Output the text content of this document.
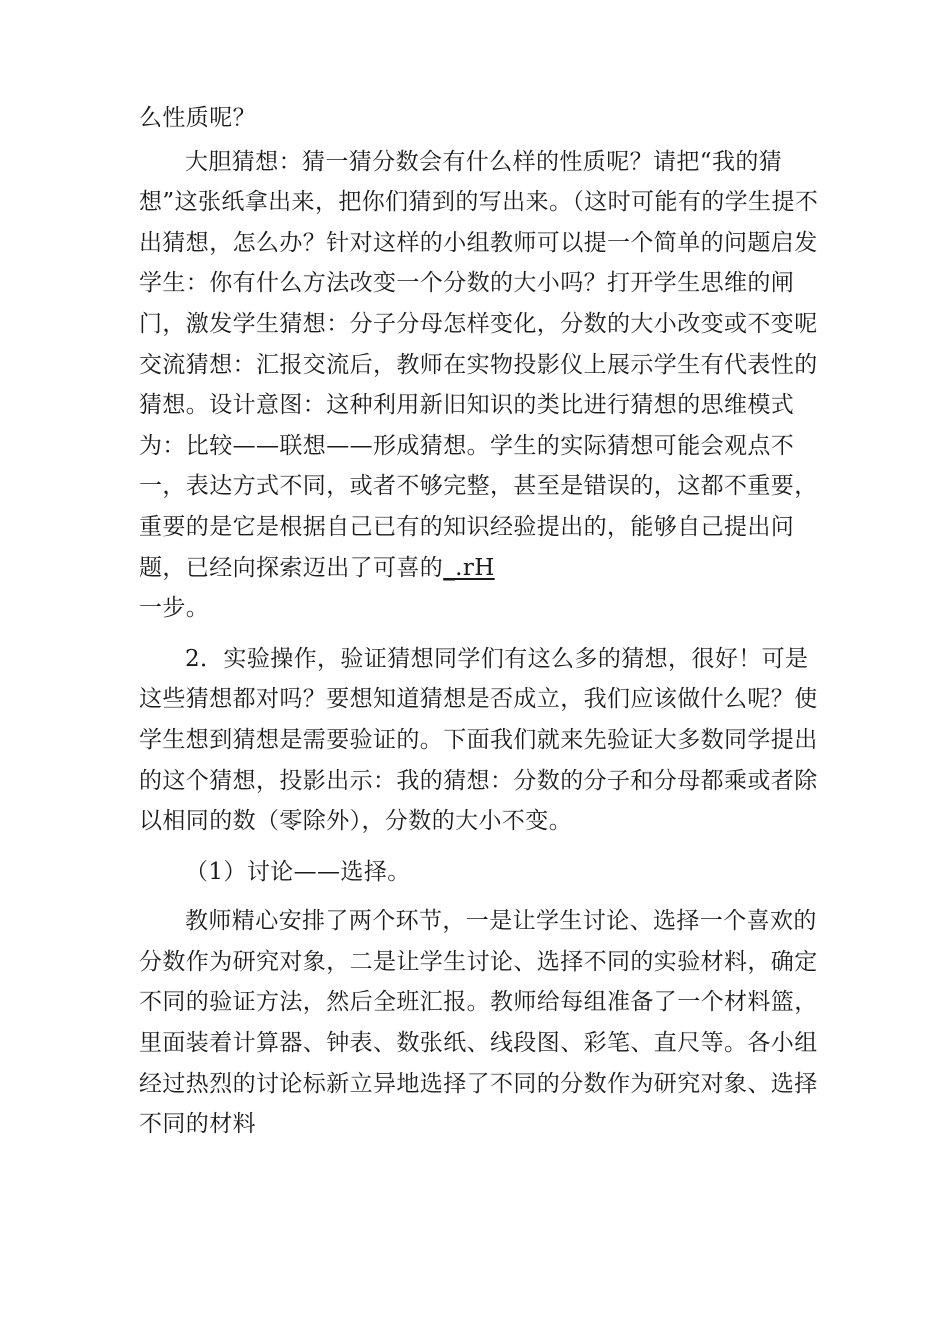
么性质呢？

大胆猜想：猜一猜分数会有什么样的性质呢？请把“我的猜想”这张纸拿出来，把你们猜到的写出来。（这时可能有的学生提不出猜想，怎么办？针对这样的小组教师可以提一个简单的问题启发学生：你有什么方法改变一个分数的大小吗？打开学生思维的闸门，激发学生猜想：分子分母怎样变化，分数的大小改变或不变呢交流猜想：汇报交流后，教师在实物投影仪上展示学生有代表性的猜想。设计意图：这种利用新旧知识的类比进行猜想的思维模式为：比较——联想——形成猜想。学生的实际猜想可能会观点不一，表达方式不同，或者不够完整，甚至是错误的，这都不重要，重要的是它是根据自己已有的知识经验提出的，能够自己提出问题，已经向探索迈出了可喜的_.rH
一步。

2．实验操作，验证猜想同学们有这么多的猜想，很好！可是这些猜想都对吗？要想知道猜想是否成立，我们应该做什么呢？使学生想到猜想是需要验证的。下面我们就来先验证大多数同学提出的这个猜想，投影出示：我的猜想：分数的分子和分母都乘或者除以相同的数（零除外），分数的大小不变。

（1）讨论——选择。

教师精心安排了两个环节，一是让学生讨论、选择一个喜欢的分数作为研究对象，二是让学生讨论、选择不同的实验材料，确定不同的验证方法，然后全班汇报。教师给每组准备了一个材料篮，里面装着计算器、钟表、数张纸、线段图、彩笔、直尺等。各小组经过热烈的讨论标新立异地选择了不同的分数作为研究对象、选择不同的材料
